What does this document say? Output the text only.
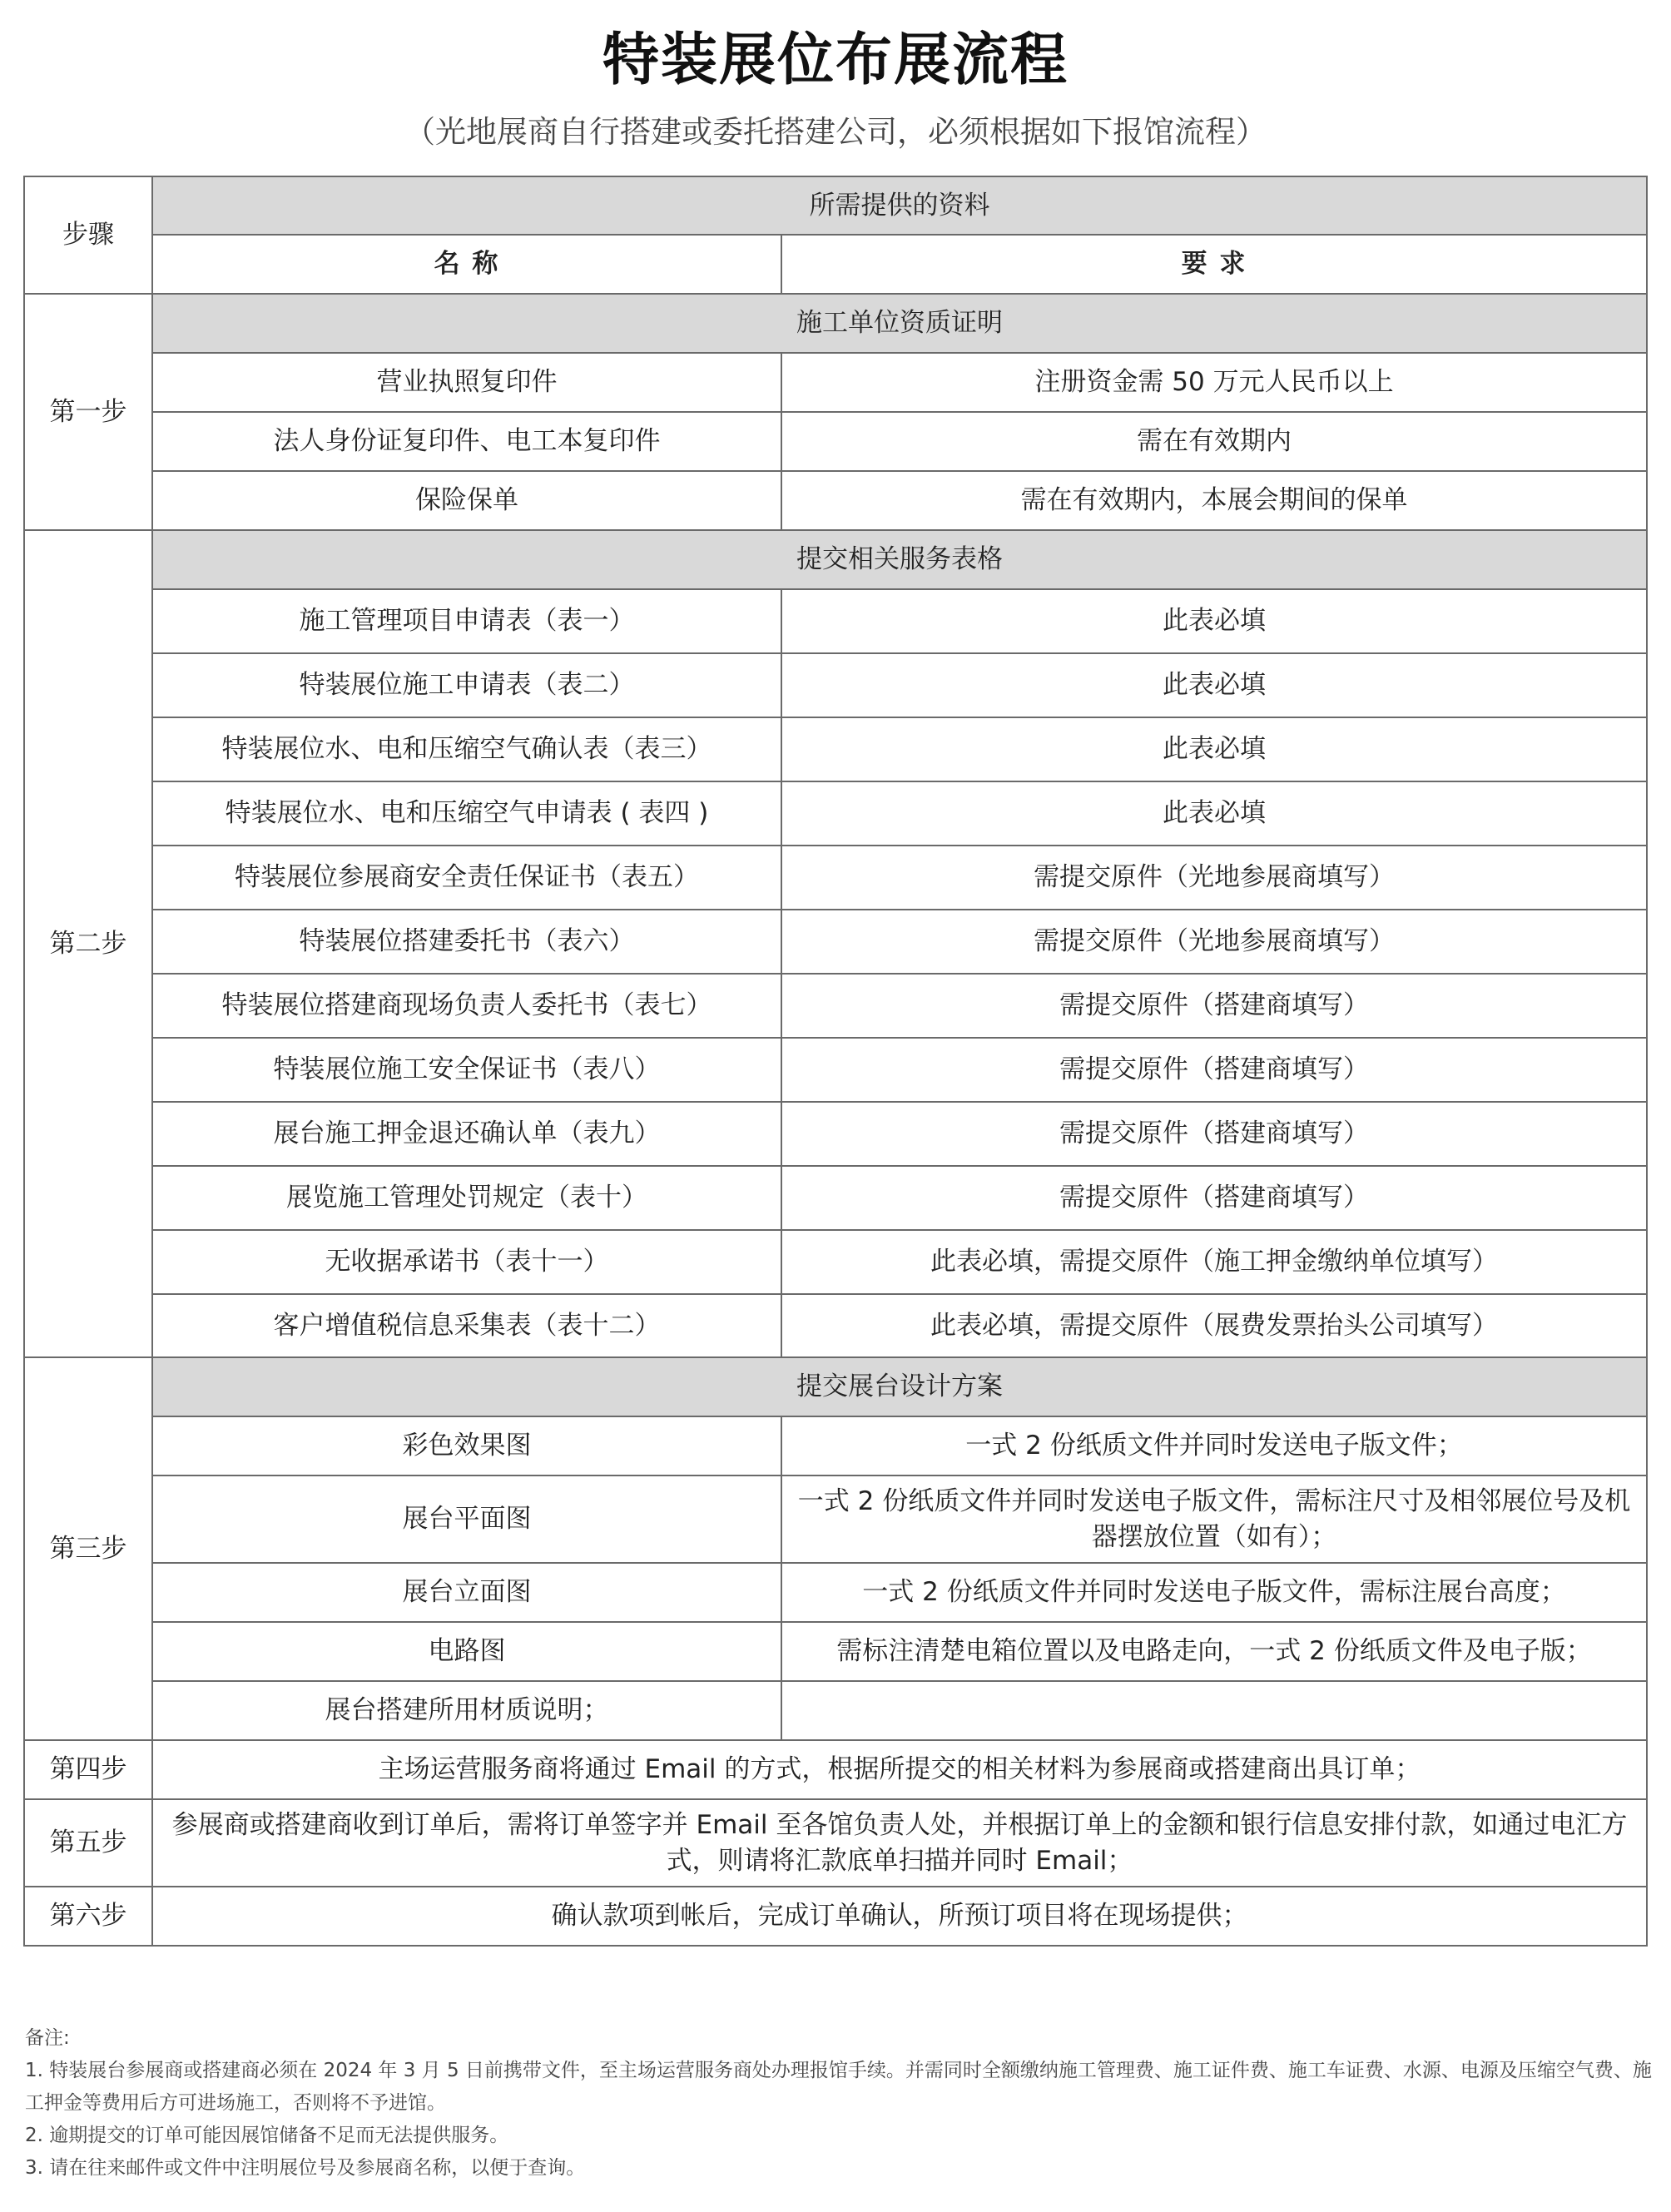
特装展位布展流程
（光地展商自行搭建或委托搭建公司，必须根据如下报馆流程）
步骤	所需提供的资料	
	名 称	要 求
第一步	施工单位资质证明	
	营业执照复印件	注册资金需 50 万元人民币以上
	法人身份证复印件、电工本复印件	需在有效期内
	保险保单	需在有效期内，本展会期间的保单
第二步	提交相关服务表格	
	施工管理项目申请表（表一）	此表必填
	特装展位施工申请表（表二）	此表必填
	特装展位水、电和压缩空气确认表（表三）	此表必填
	特装展位水、电和压缩空气申请表 ( 表四 )	此表必填
	特装展位参展商安全责任保证书（表五）	需提交原件（光地参展商填写）
	特装展位搭建委托书（表六）	需提交原件（光地参展商填写）
	特装展位搭建商现场负责人委托书（表七）	需提交原件（搭建商填写）
	特装展位施工安全保证书（表八）	需提交原件（搭建商填写）
	展台施工押金退还确认单（表九）	需提交原件（搭建商填写）
	展览施工管理处罚规定（表十）	需提交原件（搭建商填写）
	无收据承诺书（表十一）	此表必填，需提交原件（施工押金缴纳单位填写）
	客户增值税信息采集表（表十二）	此表必填，需提交原件（展费发票抬头公司填写）
第三步	提交展台设计方案	
	彩色效果图	一式 2 份纸质文件并同时发送电子版文件；
	展台平面图	一式 2 份纸质文件并同时发送电子版文件，需标注尺寸及相邻展位号及机器摆放位置（如有）；
	展台立面图	一式 2 份纸质文件并同时发送电子版文件，需标注展台高度；
	电路图	需标注清楚电箱位置以及电路走向，一式 2 份纸质文件及电子版；
	展台搭建所用材质说明；	
第四步	主场运营服务商将通过 Email 的方式，根据所提交的相关材料为参展商或搭建商出具订单；	
第五步	参展商或搭建商收到订单后，需将订单签字并 Email 至各馆负责人处，并根据订单上的金额和银行信息安排付款，如通过电汇方式，则请将汇款底单扫描并同时 Email；	
第六步	确认款项到帐后，完成订单确认，所预订项目将在现场提供；	
备注:
1. 特装展台参展商或搭建商必须在 2024 年 3 月 5 日前携带文件，至主场运营服务商处办理报馆手续。并需同时全额缴纳施工管理费、施工证件费、施工车证费、水源、电源及压缩空气费、施工押金等费用后方可进场施工，否则将不予进馆。
2. 逾期提交的订单可能因展馆储备不足而无法提供服务。
3. 请在往来邮件或文件中注明展位号及参展商名称，以便于查询。
